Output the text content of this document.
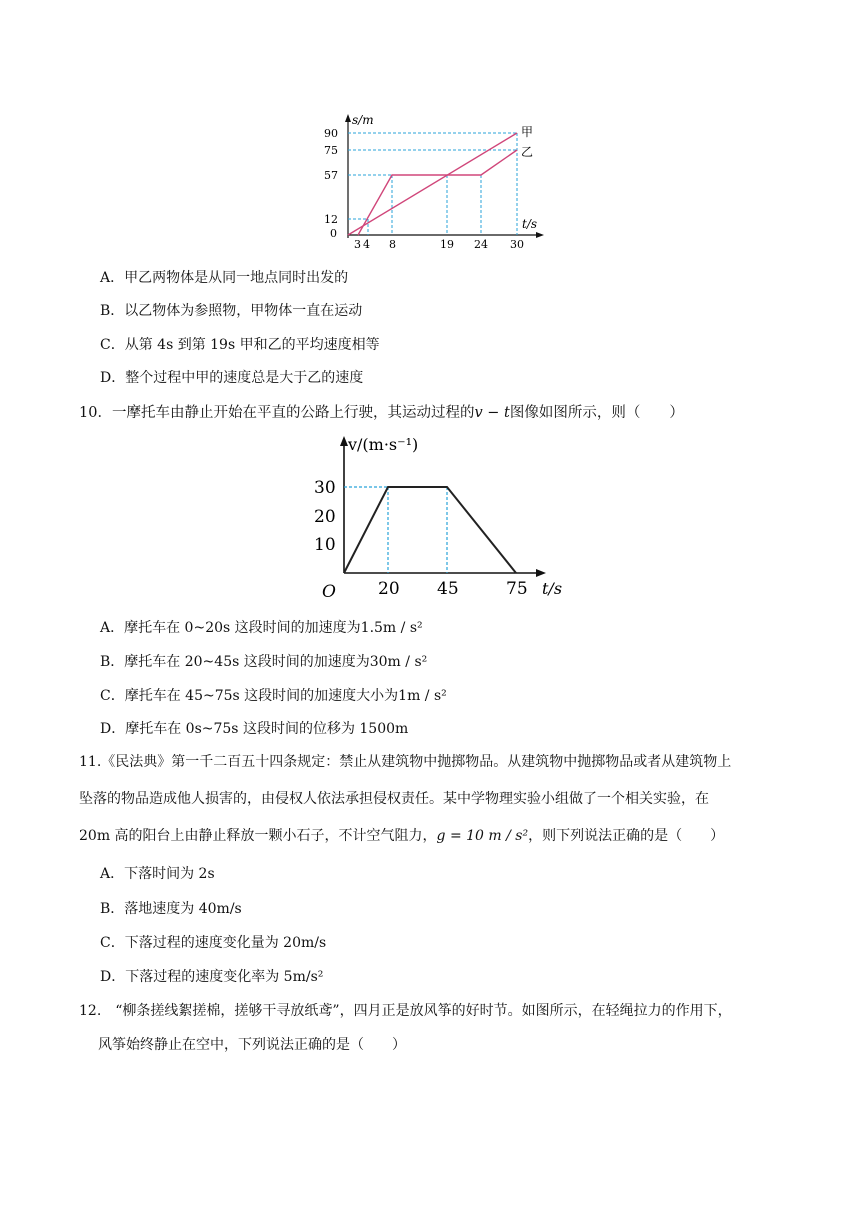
s/m
t/s
90
75
57
12
0
3 4 8	19 24 30
甲
乙
A．甲乙两物体是从同一地点同时出发的
B．以乙物体为参照物，甲物体一直在运动
C．从第 4s 到第 19s 甲和乙的平均速度相等
D．整个过程中甲的速度总是大于乙的速度
10．一摩托车由静止开始在平直的公路上行驶，其运动过程的v − t图像如图所示，则（　　）
v/(m·s⁻¹)
t/s
O
30
20
10
20 45	75
A．摩托车在 0~20s 这段时间的加速度为1.5m / s²
B．摩托车在 20~45s 这段时间的加速度为30m / s²
C．摩托车在 45~75s 这段时间的加速度大小为1m / s²
D．摩托车在 0s~75s 这段时间的位移为 1500m
11.《民法典》第一千二百五十四条规定：禁止从建筑物中抛掷物品。从建筑物中抛掷物品或者从建筑物上
坠落的物品造成他人损害的，由侵权人依法承担侵权责任。某中学物理实验小组做了一个相关实验，在
20m 高的阳台上由静止释放一颗小石子，不计空气阻力，g = 10 m / s²，则下列说法正确的是（　　）
A．下落时间为 2s
B．落地速度为 40m/s
C．下落过程的速度变化量为 20m/s
D．下落过程的速度变化率为 5m/s²
12.　“柳条搓线絮搓棉，搓够干寻放纸鸢”，四月正是放风筝的好时节。如图所示，在轻绳拉力的作用下，
风筝始终静止在空中，下列说法正确的是（　　）
